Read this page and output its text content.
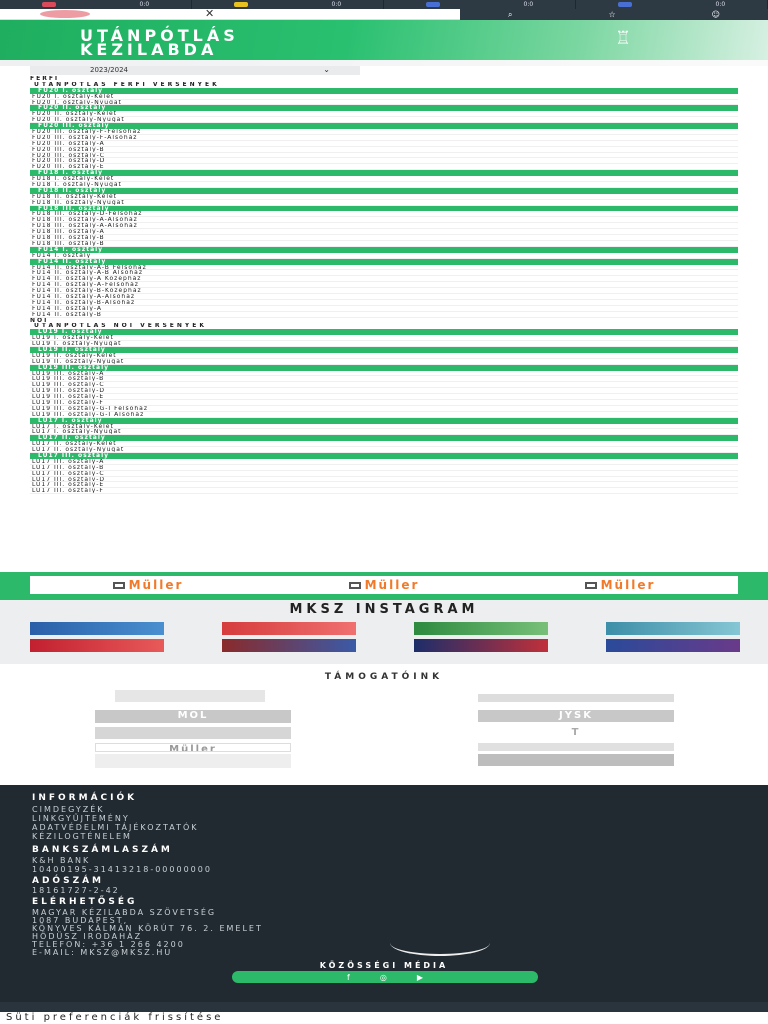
0:0	0:0	0:0	0:0
✕	⌕	☆	☺
UTÁNPÓTLÁS
KÉZILABDA
♖
2023/2024	⌄
FÉRFI
UTÁNPÓTLÁS FÉRFI VERSENYEK
FU20 I. osztály
FU20 I. osztály-Kelet
FU20 I. osztály-Nyugat
FU20 II. osztály
FU20 II. osztály-Kelet
FU20 II. osztály-Nyugat
FU20 III. osztály
FU20 III. osztály-F-Felsőház
FU20 III. osztály-F-Alsóház
FU20 III. osztály-A
FU20 III. osztály-B
FU20 III. osztály-C
FU20 III. osztály-D
FU20 III. osztály-E
FU18 I. osztály
FU18 I. osztály-Kelet
FU18 I. osztály-Nyugat
FU18 II. osztály
FU18 II. osztály-Kelet
FU18 II. osztály-Nyugat
FU18 III. osztály
FU18 III. osztály-D-Felsőház
FU18 III. osztály-A-Alsóház
FU18 III. osztály-A-Alsóház
FU18 III. osztály-A
FU18 III. osztály-B
FU18 III. osztály-B
FU14 I. osztály
FU14 I. osztály
FU14 II. osztály
FU14 II. osztály-A-B Felsőház
FU14 II. osztály-A-B Alsóház
FU14 II. osztály-A Középház
FU14 II. osztály-A-Felsőház
FU14 II. osztály-B-Középház
FU14 II. osztály-A-Alsóház
FU14 II. osztály-B-Alsóház
FU14 II. osztály-A
FU14 II. osztály-B
NŐI
UTÁNPÓTLÁS NŐI VERSENYEK
LU19 I. osztály
LU19 I. osztály-Kelet
LU19 I. osztály-Nyugat
LU19 II. osztály
LU19 II. osztály-Kelet
LU19 II. osztály-Nyugat
LU19 III. osztály
LU19 III. osztály-A
LU19 III. osztály-B
LU19 III. osztály-C
LU19 III. osztály-D
LU19 III. osztály-E
LU19 III. osztály-F
LU19 III. osztály-G-I Felsőház
LU19 III. osztály-G-I Alsóház
LU17 I. osztály
LU17 I. osztály-Kelet
LU17 I. osztály-Nyugat
LU17 II. osztály
LU17 II. osztály-Kelet
LU17 II. osztály-Nyugat
LU17 III. osztály
LU17 III. osztály-A
LU17 III. osztály-B
LU17 III. osztály-C
LU17 III. osztály-D
LU17 III. osztály-E
LU17 III. osztály-F
Müller	Müller	Müller
MKSZ INSTAGRAM
TÁMOGATÓINK
MOL
Müller
JYSK
T
INFORMÁCIÓK
CIMDEGYZÉK
LINKGYŰJTEMÉNY
ADATVÉDELMI TÁJÉKOZTATÓK
KÉZILOGTÉNELEM
BANKSZÁMLASZÁM
K&H BANK
10400195-31413218-00000000
ADÓSZÁM
18161727-2-42
ELÉRHETŐSÉG
MAGYAR KÉZILABDA SZÖVETSÉG
1087 BUDAPEST,
KÖNYVES KÁLMÁN KÖRÚT 76. 2. EMELET
HÖDÜSZ IRODAHÁZ
TELEFON: +36 1 266 4200
E-MAIL: MKSZ@MKSZ.HU
KÖZÖSSÉGI MÉDIA
f	◎	▶
Süti preferenciák frissítése
